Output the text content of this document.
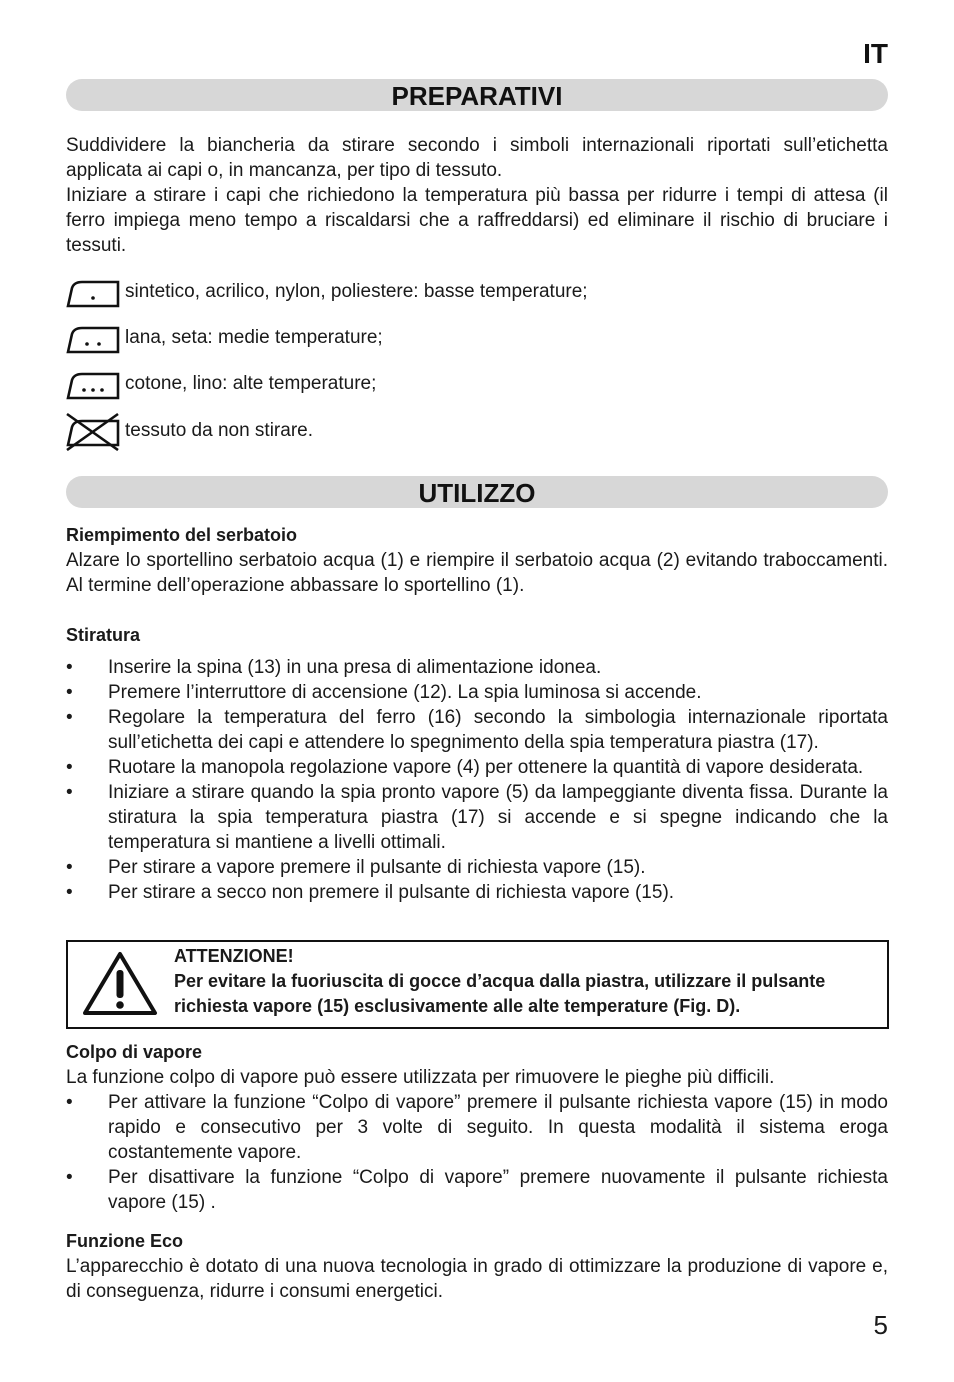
IT
PREPARATIVI

Suddividere la biancheria da stirare secondo i simboli internazionali riportati sull’etichetta applicata ai capi o, in mancanza, per tipo di tessuto.

Iniziare a stirare i capi che richiedono la temperatura più bassa per ridurre i tempi di attesa (il ferro impiega meno tempo a riscaldarsi che a raffreddarsi) ed eliminare il rischio di bruciare i tessuti.

sintetico, acrilico, nylon, poliestere: basse temperature;
lana, seta: medie temperature;
cotone, lino: alte temperature;
tessuto da non stirare.
UTILIZZO
Riempimento del serbatoio

Alzare lo sportellino serbatoio acqua (1) e riempire il serbatoio acqua (2) evitando traboccamenti. Al termine dell’operazione abbassare lo sportellino (1).

Stiratura
• Inserire la spina (13) in una presa di alimentazione idonea.
• Premere l’interruttore di accensione (12). La spia luminosa si accende.
• Regolare la temperatura del ferro (16) secondo la simbologia internazionale riportata sull’etichetta dei capi e attendere lo spegnimento della spia temperatura piastra (17).
• Ruotare la manopola regolazione vapore (4) per ottenere la quantità di vapore desiderata.
• Iniziare a stirare quando la spia pronto vapore (5) da lampeggiante diventa fissa. Durante la stiratura la spia temperatura piastra (17) si accende e si spegne indicando che la temperatura si mantiene a livelli ottimali.
• Per stirare a vapore premere il pulsante di richiesta vapore (15).
• Per stirare a secco non premere il pulsante di richiesta vapore (15).
ATTENZIONE!
Per evitare la fuoriuscita di gocce d’acqua dalla piastra, utilizzare il pulsante richiesta vapore (15) esclusivamente alle alte temperature (Fig. D).
Colpo di vapore

La funzione colpo di vapore può essere utilizzata per rimuovere le pieghe più difficili.

• Per attivare la funzione “Colpo di vapore” premere il pulsante richiesta vapore (15) in modo rapido e consecutivo per 3 volte di seguito. In questa modalità il sistema eroga costantemente vapore.
• Per disattivare la funzione “Colpo di vapore” premere nuovamente il pulsante richiesta vapore (15) .
Funzione Eco

L’apparecchio è dotato di una nuova tecnologia in grado di ottimizzare la produzione di vapore e, di conseguenza, ridurre i consumi energetici.

5
